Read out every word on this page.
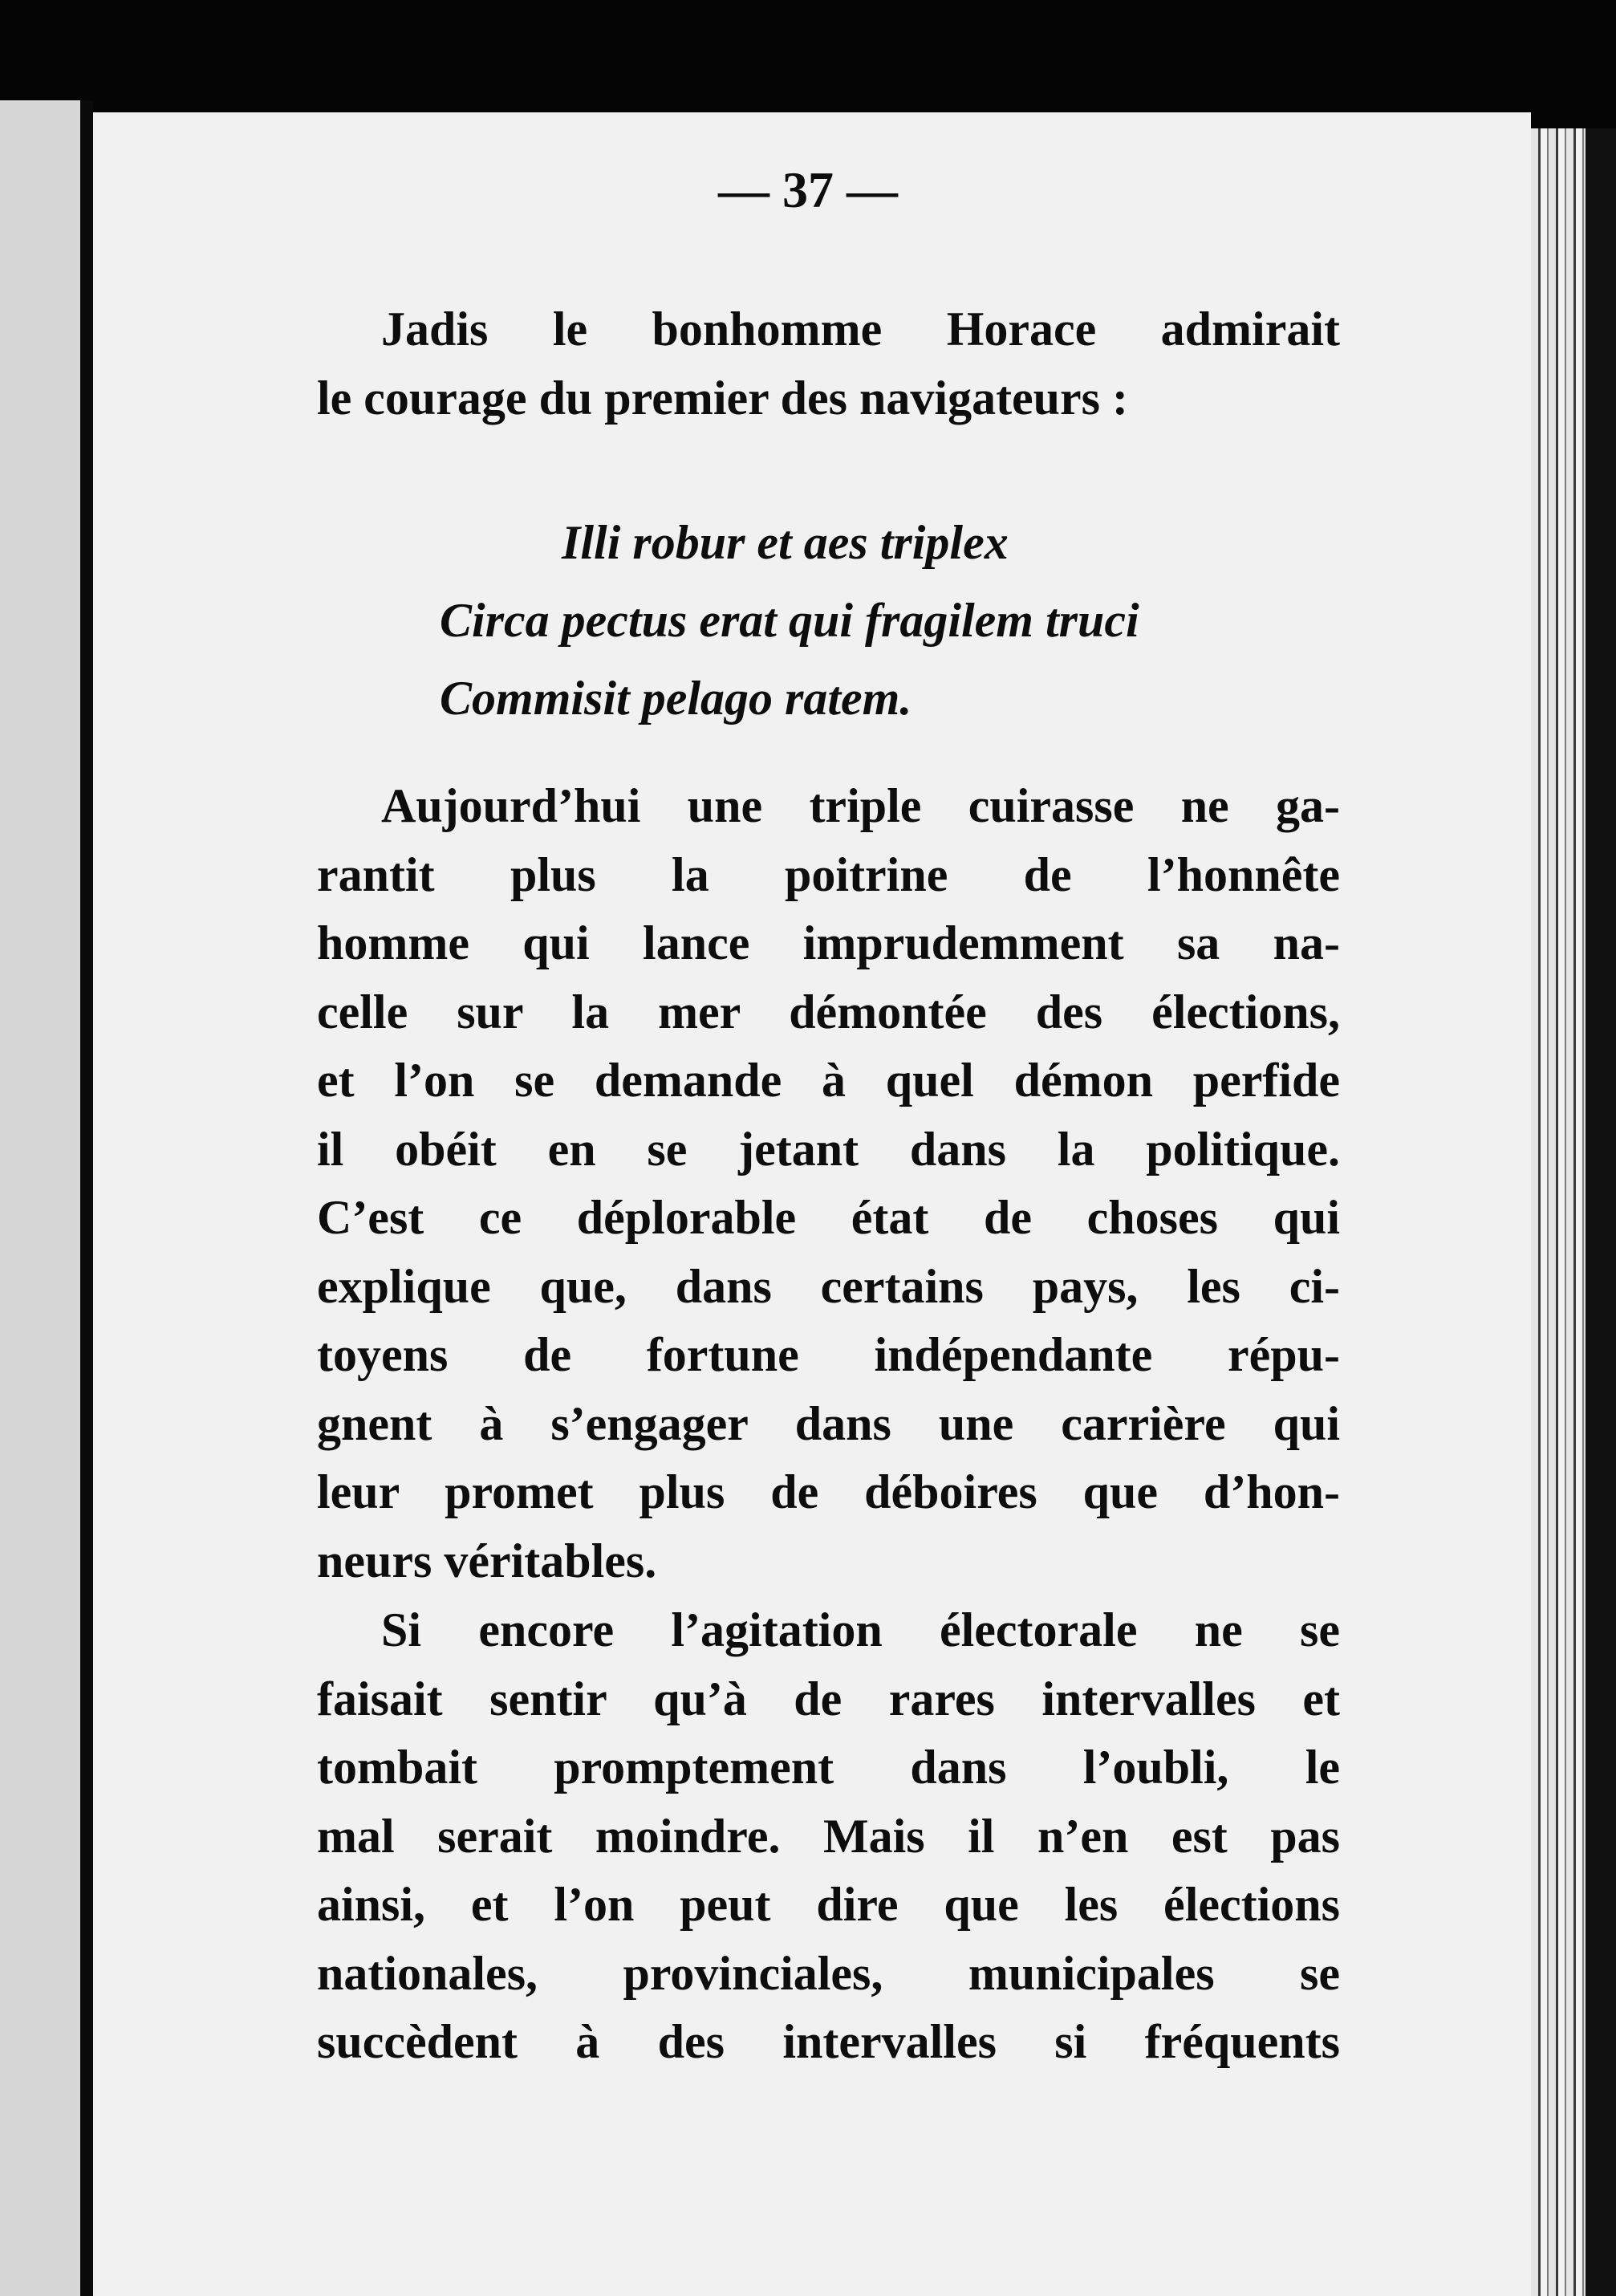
— 37 —
Jadis le bonhomme Horace admirait
le courage du premier des navigateurs :
Illi robur et aes triplex
Circa pectus erat qui fragilem truci
Commisit pelago ratem.
Aujourd’hui une triple cuirasse ne ga-
rantit plus la poitrine de l’honnête
homme qui lance imprudemment sa na-
celle sur la mer démontée des élections,
et l’on se demande à quel démon perfide
il obéit en se jetant dans la politique.
C’est ce déplorable état de choses qui
explique que, dans certains pays, les ci-
toyens de fortune indépendante répu-
gnent à s’engager dans une carrière qui
leur promet plus de déboires que d’hon-
neurs véritables.
Si encore l’agitation électorale ne se
faisait sentir qu’à de rares intervalles et
tombait promptement dans l’oubli, le
mal serait moindre. Mais il n’en est pas
ainsi, et l’on peut dire que les élections
nationales, provinciales, municipales se
succèdent à des intervalles si fréquents
